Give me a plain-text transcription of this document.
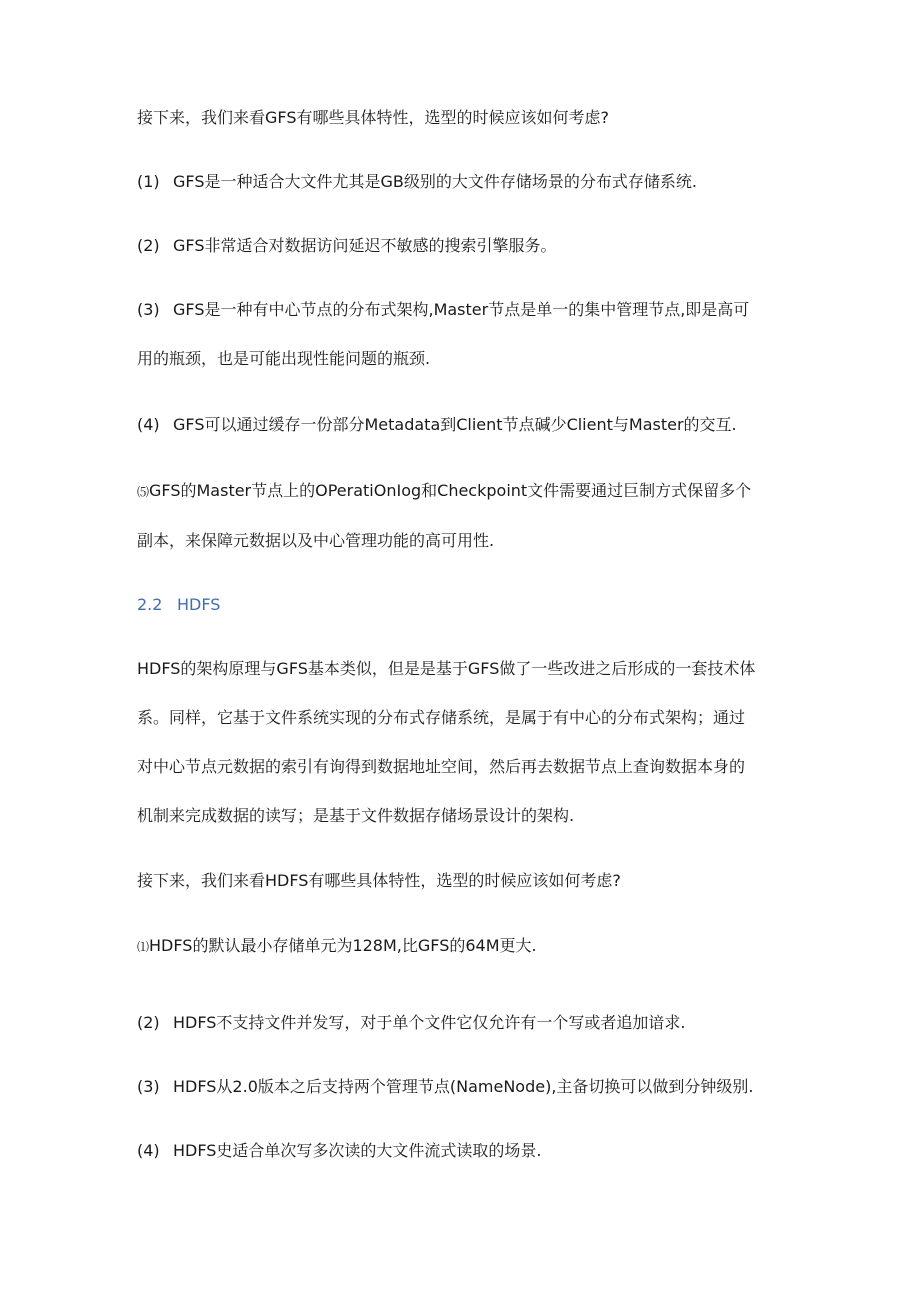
接下来，我们来看GFS有哪些具体特性，选型的时候应该如何考虑?
(1) GFS是一种适合大文件尤其是GB级别的大文件存储场景的分布式存储系统.
(2) GFS非常适合对数据访问延迟不敏感的搜索引擎服务。
(3) GFS是一种有中心节点的分布式架构,Master节点是单一的集中管理节点,即是高可
用的瓶颈，也是可能出现性能问题的瓶颈.
(4) GFS可以通过缓存一份部分Metadata到Client节点碱少Client与Master的交互.
⑸GFS的Master节点上的OPeratiOnIog和Checkpoint文件需要通过巨制方式保留多个
副本，来保障元数据以及中心管理功能的高可用性.
2.2 HDFS
HDFS的架构原理与GFS基本类似，但是是基于GFS做了一些改进之后形成的一套技术体
系。同样，它基于文件系统实现的分布式存储系统，是属于有中心的分布式架构；通过
对中心节点元数据的索引有询得到数据地址空间，然后再去数据节点上查询数据本身的
机制来完成数据的读写；是基于文件数据存储场景设计的架构.
接下来，我们来看HDFS有哪些具体特性，选型的时候应该如何考虑?
⑴HDFS的默认最小存储单元为128M,比GFS的64M更大.
(2) HDFS不支持文件并发写，对于单个文件它仅允许有一个写或者追加谙求.
(3) HDFS从2.0版本之后支持两个管理节点(NameNode),主备切换可以做到分钟级别.
(4) HDFS史适合单次写多次读的大文件流式读取的场景.
